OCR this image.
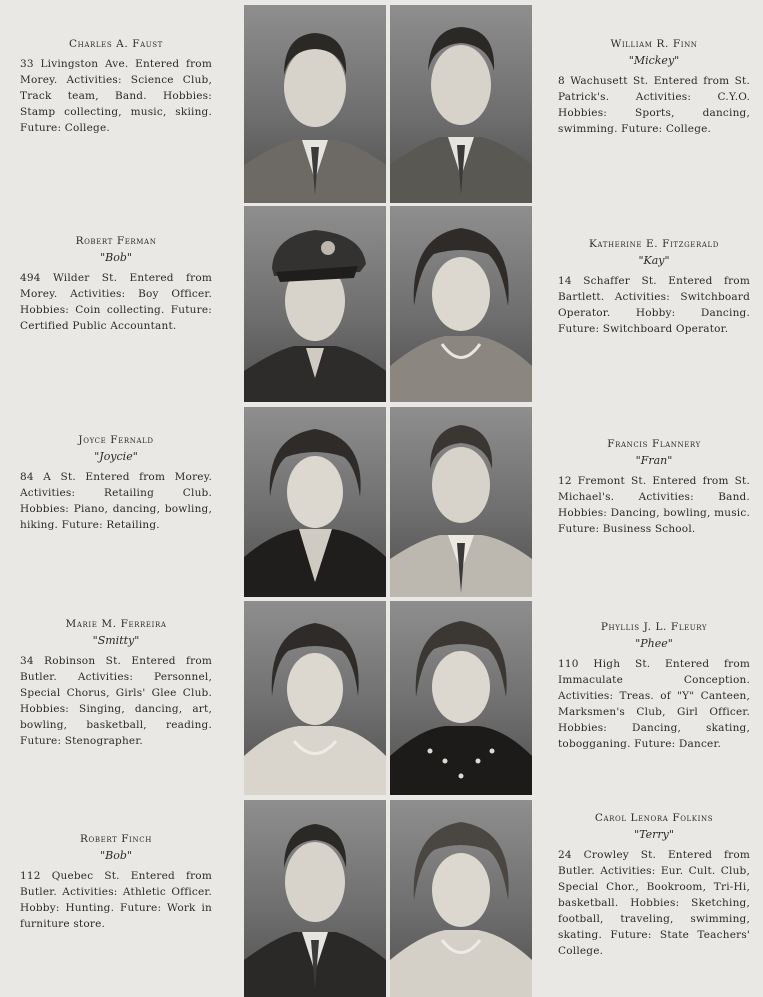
Charles A. Faust
33 Livingston Ave. Entered from Morey. Activities: Science Club, Track team, Band. Hobbies: Stamp collecting, music, skiing. Future: College.
William R. Finn
"Mickey"
8 Wachusett St. Entered from St. Patrick's. Activities: C.Y.O. Hobbies: Sports, dancing, swimming. Future: College.
Robert Ferman
"Bob"
494 Wilder St. Entered from Morey. Activities: Boy Officer. Hobbies: Coin collecting. Future: Certified Public Accountant.
Katherine E. Fitzgerald
"Kay"
14 Schaffer St. Entered from Bartlett. Activities: Switchboard Operator. Hobby: Dancing. Future: Switchboard Operator.
Joyce Fernald
"Joycie"
84 A St. Entered from Morey. Activities: Retailing Club. Hobbies: Piano, dancing, bowling, hiking. Future: Retailing.
Francis Flannery
"Fran"
12 Fremont St. Entered from St. Michael's. Activities: Band. Hobbies: Dancing, bowling, music. Future: Business School.
Marie M. Ferreira
"Smitty"
34 Robinson St. Entered from Butler. Activities: Personnel, Special Chorus, Girls' Glee Club. Hobbies: Singing, dancing, art, bowling, basketball, reading. Future: Stenographer.
Phyllis J. L. Fleury
"Phee"
110 High St. Entered from Immaculate Conception. Activities: Treas. of "Y" Canteen, Marksmen's Club, Girl Officer. Hobbies: Dancing, skating, tobogganing. Future: Dancer.
Robert Finch
"Bob"
112 Quebec St. Entered from Butler. Activities: Athletic Officer. Hobby: Hunting. Future: Work in furniture store.
Carol Lenora Folkins
"Terry"
24 Crowley St. Entered from Butler. Activities: Eur. Cult. Club, Special Chor., Bookroom, Tri-Hi, basketball. Hobbies: Sketching, football, traveling, swimming, skating. Future: State Teachers' College.
